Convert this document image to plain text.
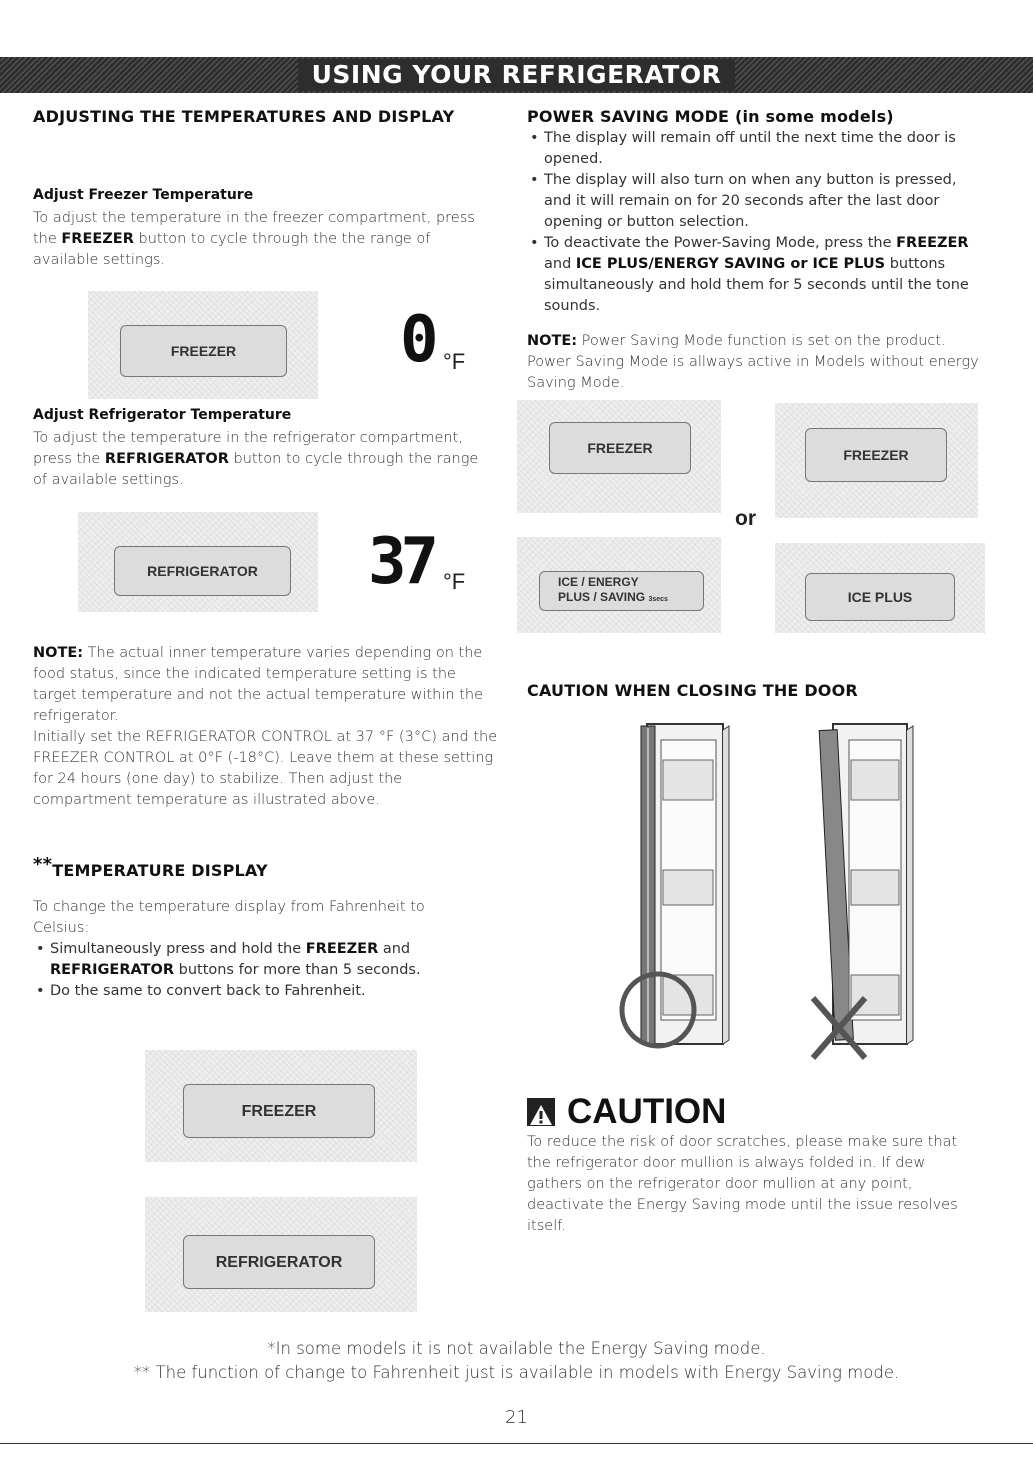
USING YOUR REFRIGERATOR
ADJUSTING THE TEMPERATURES AND DISPLAY
Adjust Freezer Temperature
To adjust the temperature in the freezer compartment, press the FREEZER button to cycle through the the range of available settings.
FREEZER	0 °F
Adjust Refrigerator Temperature
To adjust the temperature in the refrigerator compartment, press the REFRIGERATOR button to cycle through the range of available settings.
REFRIGERATOR	37 °F
NOTE: The actual inner temperature varies depending on the food status, since the indicated temperature setting is the target temperature and not the actual temperature within the refrigerator.
Initially set the REFRIGERATOR CONTROL at 37 °F (3°C) and the FREEZER CONTROL at 0°F (-18°C). Leave them at these setting for 24 hours (one day) to stabilize. Then adjust the compartment temperature as illustrated above.
**TEMPERATURE DISPLAY
To change the temperature display from Fahrenheit to Celsius:
• Simultaneously press and hold the FREEZER and REFRIGERATOR buttons for more than 5 seconds.
• Do the same to convert back to Fahrenheit.
FREEZER
REFRIGERATOR
POWER SAVING MODE (in some models)
• The display will remain off until the next time the door is opened.
• The display will also turn on when any button is pressed, and it will remain on for 20 seconds after the last door opening or button selection.
• To deactivate the Power-Saving Mode, press the FREEZER and ICE PLUS/ENERGY SAVING or ICE PLUS buttons simultaneously and hold them for 5 seconds until the tone sounds.
NOTE: Power Saving Mode function is set on the product. Power Saving Mode is allways active in Models without energy Saving Mode.
FREEZER	FREEZER
or
ICE / ENERGY
PLUS / SAVING 3secs	ICE PLUS
CAUTION WHEN CLOSING THE DOOR
CAUTION
To reduce the risk of door scratches, please make sure that the refrigerator door mullion is always folded in. If dew gathers on the refrigerator door mullion at any point, deactivate the Energy Saving mode until the issue resolves itself.
*In some models it is not available the Energy Saving mode.
** The function of change to Fahrenheit just is available in models with Energy Saving mode.
21
